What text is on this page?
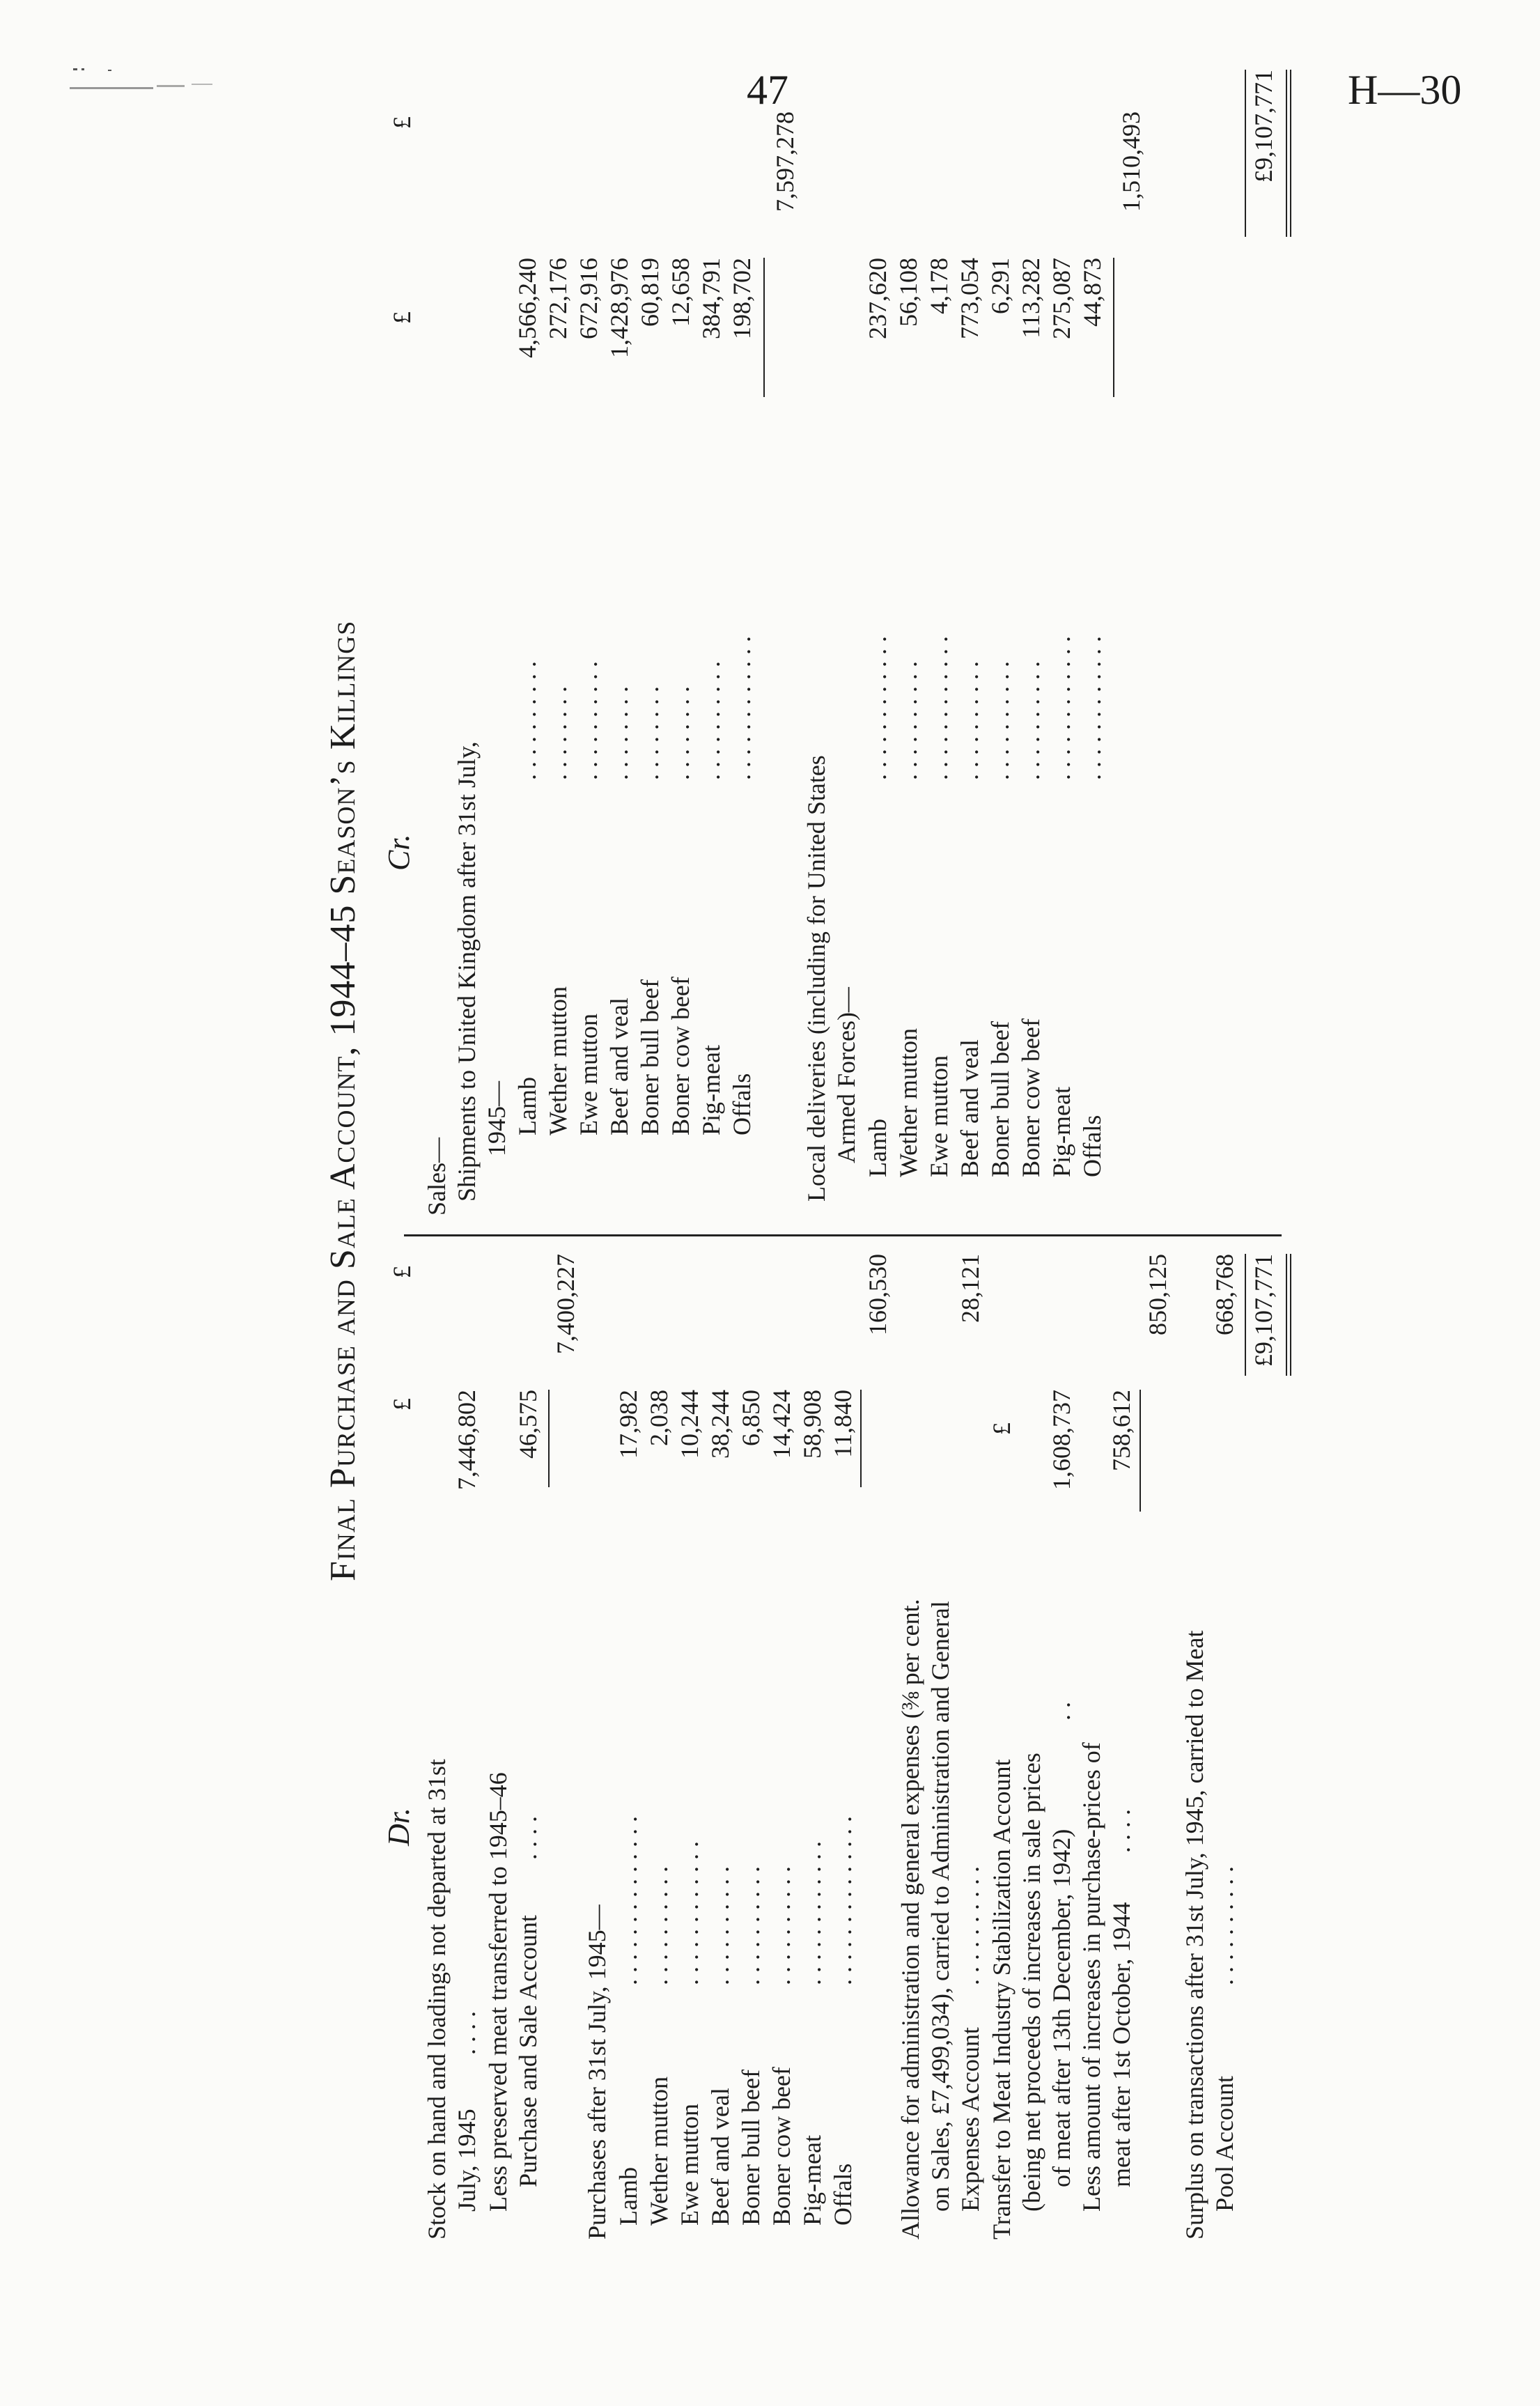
47	H—30
Final Purchase and Sale Account, 1944–45 Season’s Killings
Dr.
£
£
Stock on hand and loadings not departed at 31st July, 1945
. . . .
7,446,802
Less preserved meat transferred to 1945–46 Purchase and Sale Account
. . . .
46,575
7,400,227
Purchases after 31st July, 1945— Lamb
. . . . . . . . . . . . . .
17,982
Wether mutton
. . . . . . . . . .
2,038
Ewe mutton
. . . . . . . . . . . .
10,244
Beef and veal
. . . . . . . . . .
38,244
Boner bull beef
. . . . . . . . . .
6,850
Boner cow beef
. . . . . . . . . .
14,424
Pig-meat
. . . . . . . . . . . .
58,908
Offals
. . . . . . . . . . . . . .
11,840
160,530
Allowance for administration and general expenses (⅜ per cent. on Sales, £7,499,034), carried to Administration and General Expenses Account
. . . . . . . . . .
28,121
Transfer to Meat Industry Stabilization Account
£
(being net proceeds of increases in sale prices of meat after 13th December, 1942)
. .
1,608,737
Less amount of increases in purchase-prices of meat after 1st October, 1944
. . . .
758,612
850,125
Surplus on transactions after 31st July, 1945, carried to Meat Pool Account
. . . . . . . . . .
668,768 £9,107,771
Cr.
£
£
Sales— Shipments to United Kingdom after 31st July, 1945— Lamb
. . . . . . . . . .
4,566,240
Wether mutton
. . . . . . . .
272,176
Ewe mutton
. . . . . . . . . .
672,916
Beef and veal
. . . . . . . .
1,428,976
Boner bull beef
. . . . . . . .
60,819
Boner cow beef
. . . . . . . .
12,658
Pig-meat
. . . . . . . . . .
384,791
Offals
. . . . . . . . . . . .
198,702
7,597,278
Local deliveries (including for United States Armed Forces)— Lamb
. . . . . . . . . . . .
237,620
Wether mutton
. . . . . . . . . .
56,108
Ewe mutton
. . . . . . . . . . . .
4,178
Beef and veal
. . . . . . . . . .
773,054
Boner bull beef
. . . . . . . . . .
6,291
Boner cow beef
. . . . . . . . . .
113,282
Pig-meat
. . . . . . . . . . . .
275,087
Offals
. . . . . . . . . . . .
44,873
1,510,493	£9,107,771
